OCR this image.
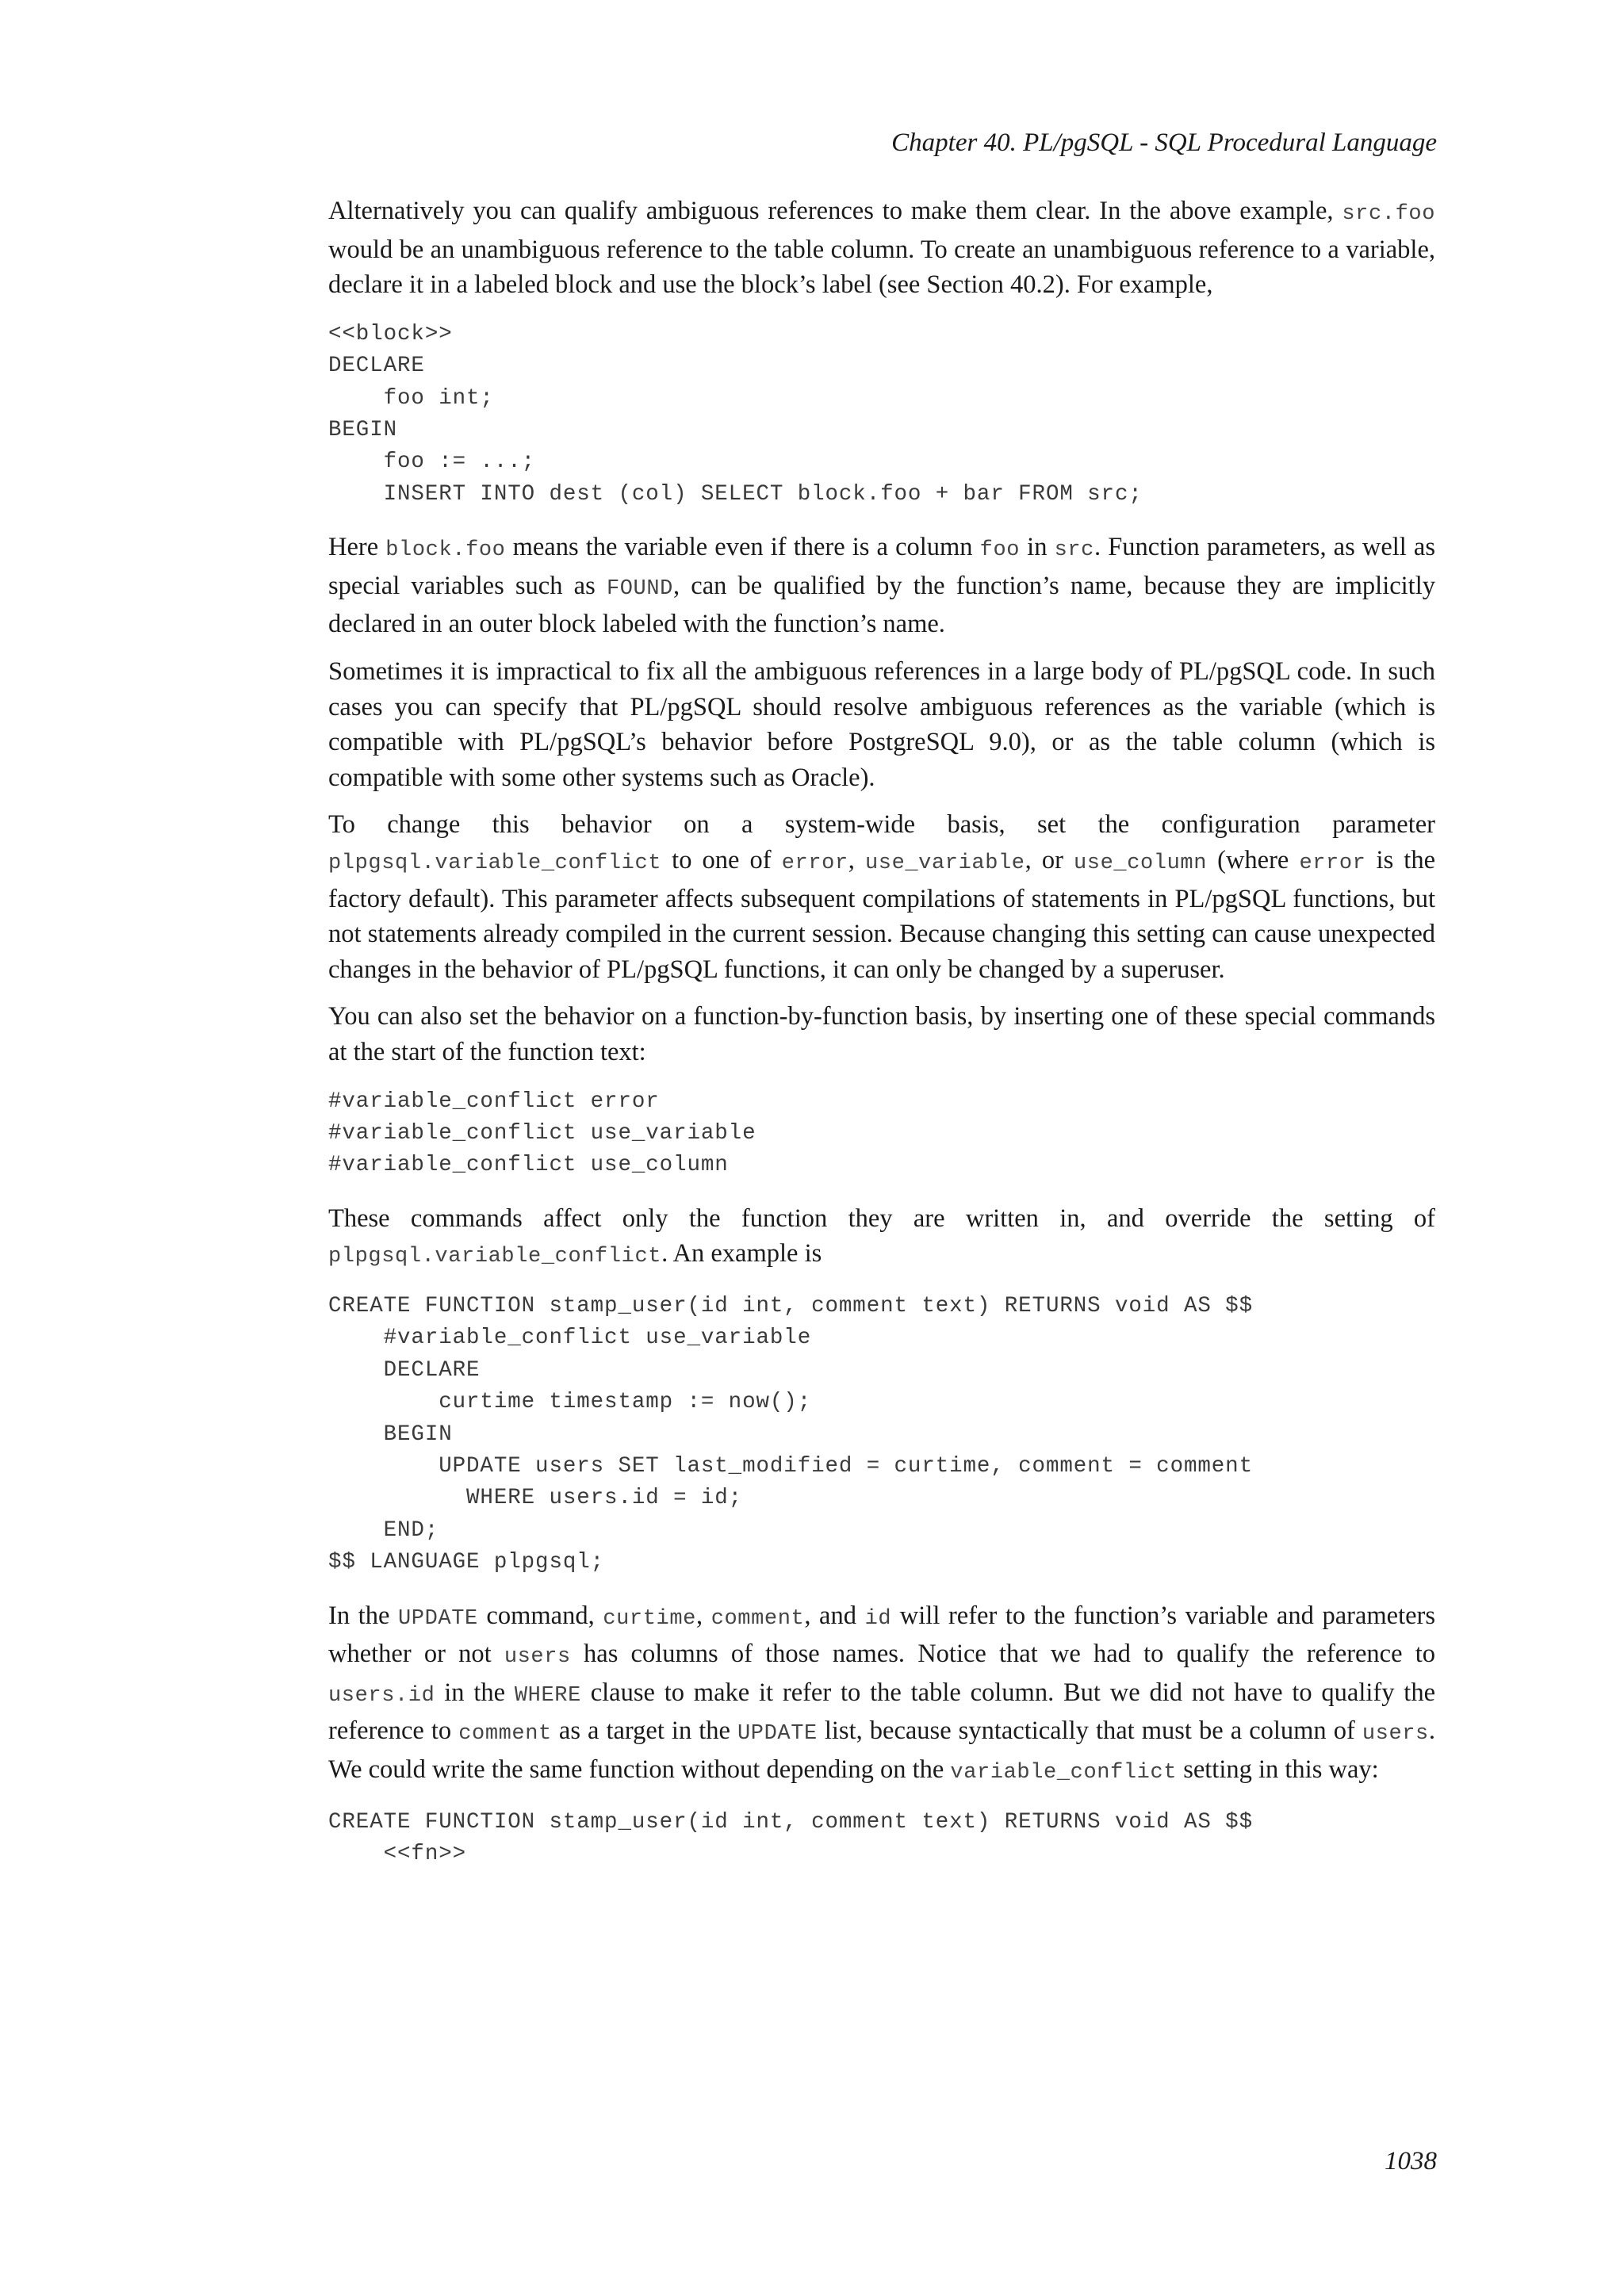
Chapter 40. PL/pgSQL - SQL Procedural Language

Alternatively you can qualify ambiguous references to make them clear. In the above example, src.foo would be an unambiguous reference to the table column. To create an unambiguous reference to a variable, declare it in a labeled block and use the block’s label (see Section 40.2). For example,

<<block>>
DECLARE
foo int;
BEGIN
foo := ...;
INSERT INTO dest (col) SELECT block.foo + bar FROM src;

Here block.foo means the variable even if there is a column foo in src. Function parameters, as well as special variables such as FOUND, can be qualified by the function’s name, because they are implicitly declared in an outer block labeled with the function’s name.

Sometimes it is impractical to fix all the ambiguous references in a large body of PL/pgSQL code. In such cases you can specify that PL/pgSQL should resolve ambiguous references as the variable (which is compatible with PL/pgSQL’s behavior before PostgreSQL 9.0), or as the table column (which is compatible with some other systems such as Oracle).

To change this behavior on a system-wide basis, set the configuration parameter plpgsql.variable_conflict to one of error, use_variable, or use_column (where error is the factory default). This parameter affects subsequent compilations of statements in PL/pgSQL functions, but not statements already compiled in the current session. Because changing this setting can cause unexpected changes in the behavior of PL/pgSQL functions, it can only be changed by a superuser.

You can also set the behavior on a function-by-function basis, by inserting one of these special commands at the start of the function text:

#variable_conflict error
#variable_conflict use_variable
#variable_conflict use_column

These commands affect only the function they are written in, and override the setting of plpgsql.variable_conflict. An example is

CREATE FUNCTION stamp_user(id int, comment text) RETURNS void AS $$
#variable_conflict use_variable
DECLARE
curtime timestamp := now();
BEGIN
UPDATE users SET last_modified = curtime, comment = comment
WHERE users.id = id;
END;
$$ LANGUAGE plpgsql;

In the UPDATE command, curtime, comment, and id will refer to the function’s variable and parameters whether or not users has columns of those names. Notice that we had to qualify the reference to users.id in the WHERE clause to make it refer to the table column. But we did not have to qualify the reference to comment as a target in the UPDATE list, because syntactically that must be a column of users. We could write the same function without depending on the variable_conflict setting in this way:

CREATE FUNCTION stamp_user(id int, comment text) RETURNS void AS $$
<<fn>>
1038
